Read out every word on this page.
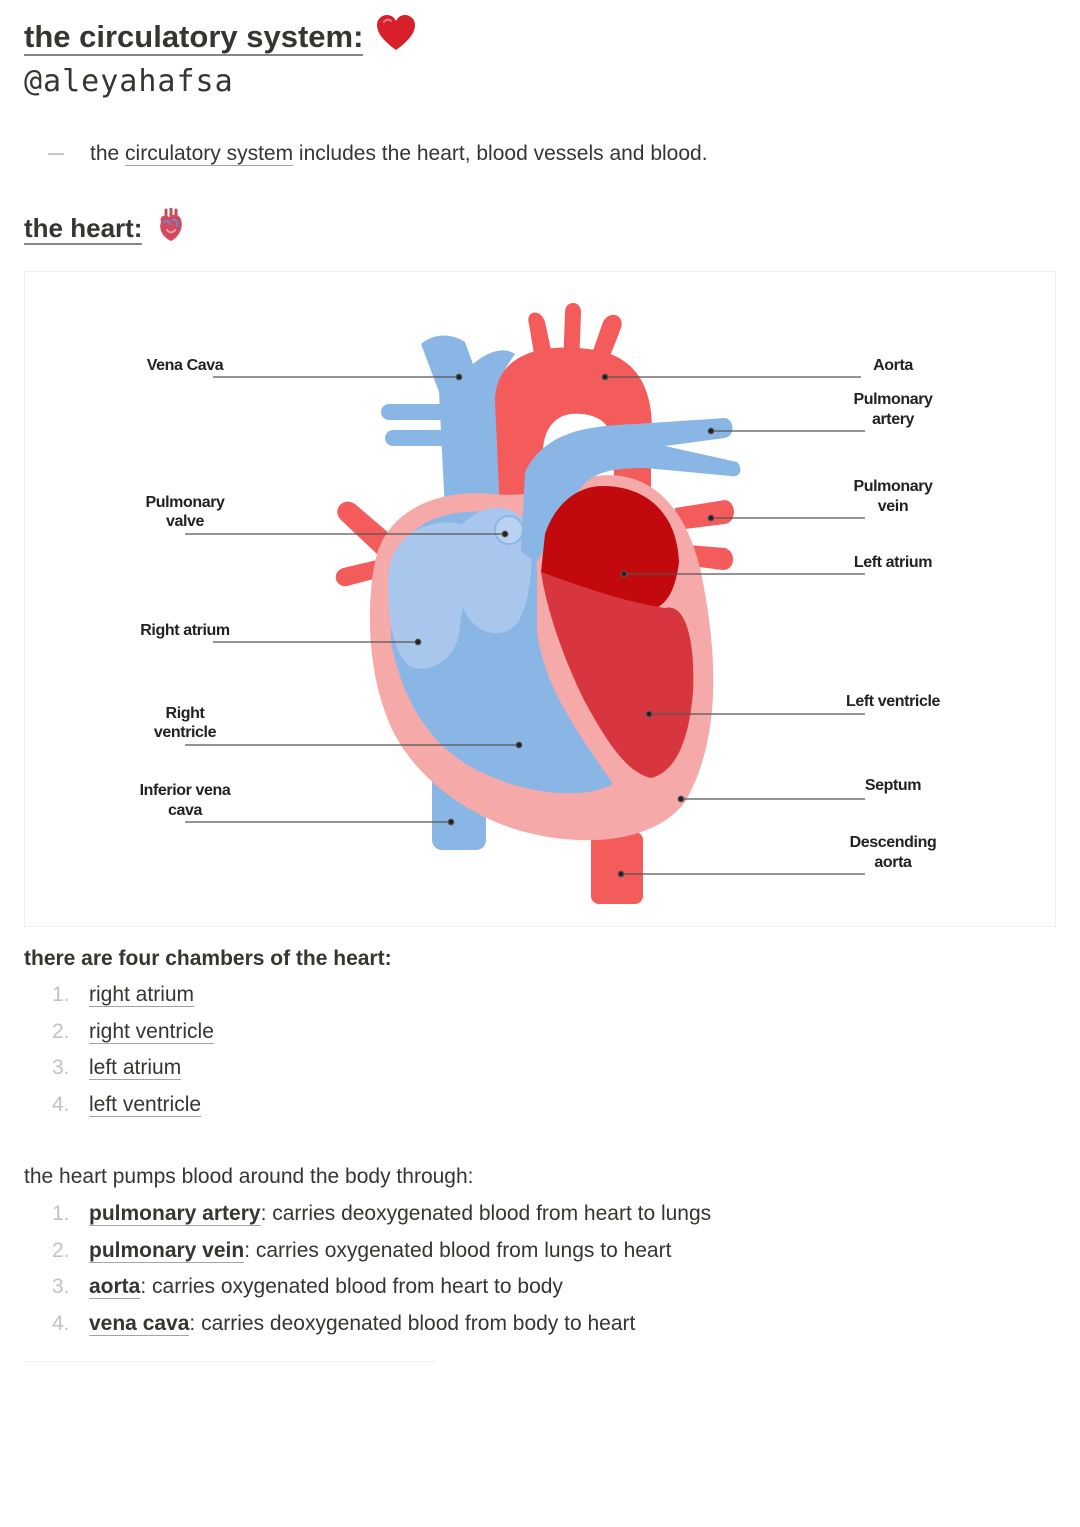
the circulatory system:
@aleyahafsa
the circulatory system includes the heart, blood vessels and blood.
the heart:
Vena Cava
Pulmonary
valve
Right atrium
Right
ventricle
Inferior vena
cava
Aorta
Pulmonary
artery
Pulmonary
vein
Left atrium
Left ventricle
Septum
Descending
aorta
there are four chambers of the heart:
1. right atrium
2. right ventricle
3. left atrium
4. left ventricle
the heart pumps blood around the body through:
1. pulmonary artery: carries deoxygenated blood from heart to lungs
2. pulmonary vein: carries oxygenated blood from lungs to heart
3. aorta: carries oxygenated blood from heart to body
4. vena cava: carries deoxygenated blood from body to heart
